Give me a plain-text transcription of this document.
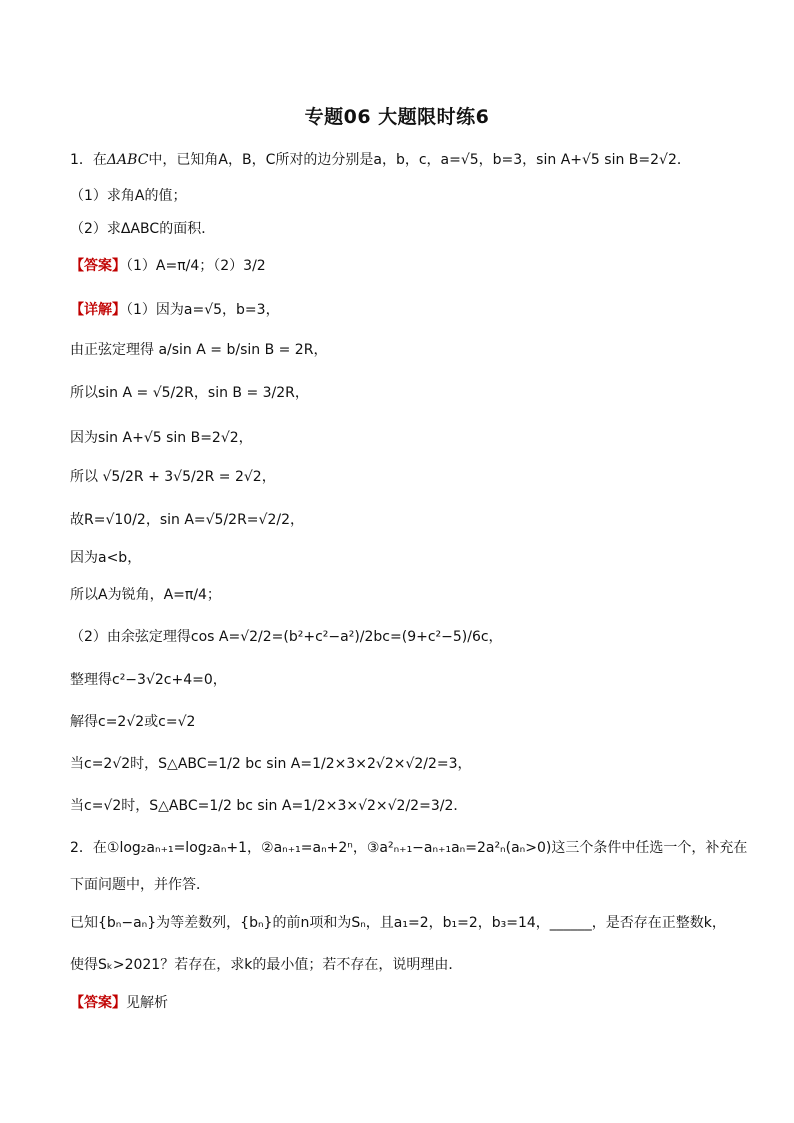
专题06 大题限时练6
1．在ΔABC中，已知角A，B，C所对的边分别是a，b，c，a=√5，b=3，sin A+√5 sin B=2√2．
（1）求角A的值；
（2）求ΔABC的面积．
【答案】（1）A=π/4；（2）3/2
【详解】（1）因为a=√5，b=3，
由正弦定理得 a/sin A = b/sin B = 2R，
所以sin A = √5/2R，sin B = 3/2R，
因为sin A+√5 sin B=2√2，
所以 √5/2R + 3√5/2R = 2√2，
故R=√10/2，sin A=√5/2R=√2/2，
因为a<b，
所以A为锐角，A=π/4；
（2）由余弦定理得cos A=√2/2=(b²+c²−a²)/2bc=(9+c²−5)/6c，
整理得c²−3√2c+4=0，
解得c=2√2或c=√2
当c=2√2时，S△ABC=1/2 bc sin A=1/2×3×2√2×√2/2=3，
当c=√2时，S△ABC=1/2 bc sin A=1/2×3×√2×√2/2=3/2．
2．在①log₂aₙ₊₁=log₂aₙ+1，②aₙ₊₁=aₙ+2ⁿ，③a²ₙ₊₁−aₙ₊₁aₙ=2a²ₙ(aₙ>0)这三个条件中任选一个，补充在
下面问题中，并作答．
已知{bₙ−aₙ}为等差数列，{bₙ}的前n项和为Sₙ，且a₁=2，b₁=2，b₃=14，______，是否存在正整数k，
使得Sₖ>2021？若存在，求k的最小值；若不存在，说明理由．
【答案】见解析
